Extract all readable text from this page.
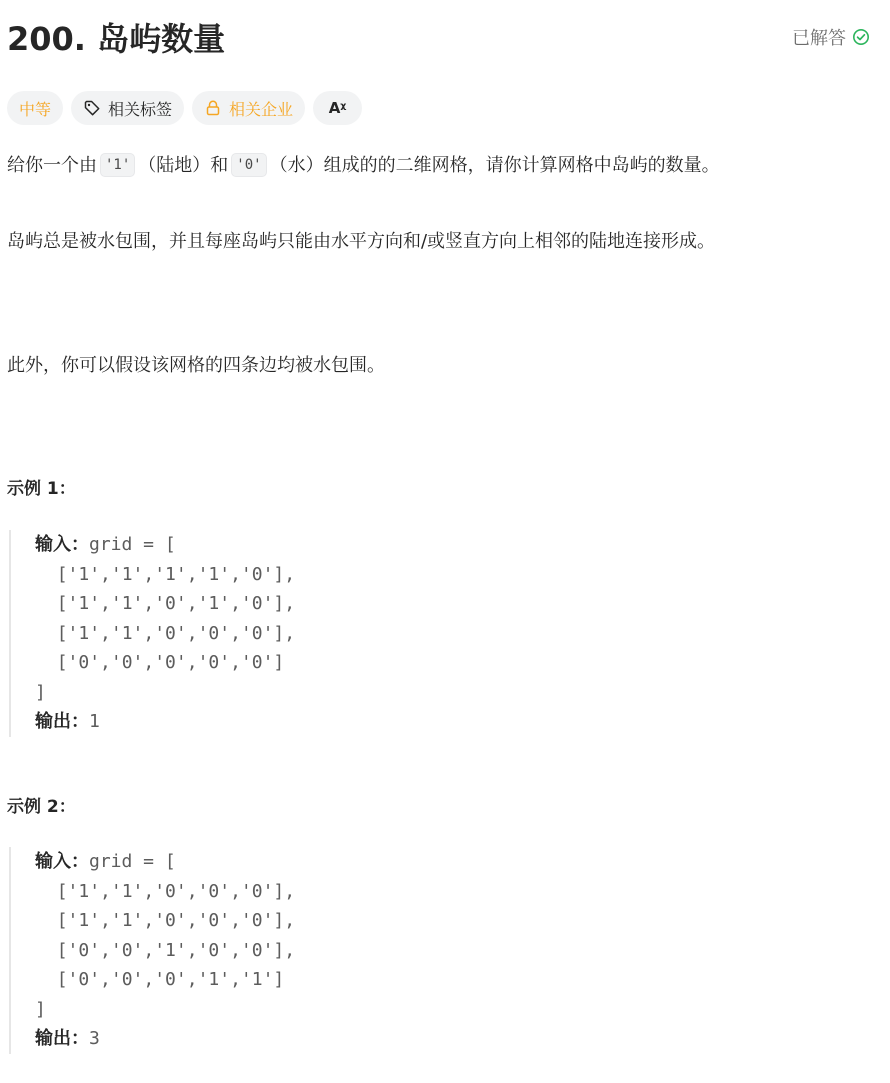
200. 岛屿数量	已解答
中等	相关标签	相关企业 Aᵡ

给你一个由 '1' （陆地）和 '0' （水）组成的的二维网格，请你计算网格中岛屿的数量。

岛屿总是被水包围，并且每座岛屿只能由水平方向和/或竖直方向上相邻的陆地连接形成。

此外，你可以假设该网格的四条边均被水包围。

示例 1：
输入：grid = [
['1','1','1','1','0'],
['1','1','0','1','0'],
['1','1','0','0','0'],
['0','0','0','0','0']
]
输出：1
示例 2：
输入：grid = [
['1','1','0','0','0'],
['1','1','0','0','0'],
['0','0','1','0','0'],
['0','0','0','1','1']
]
输出：3
